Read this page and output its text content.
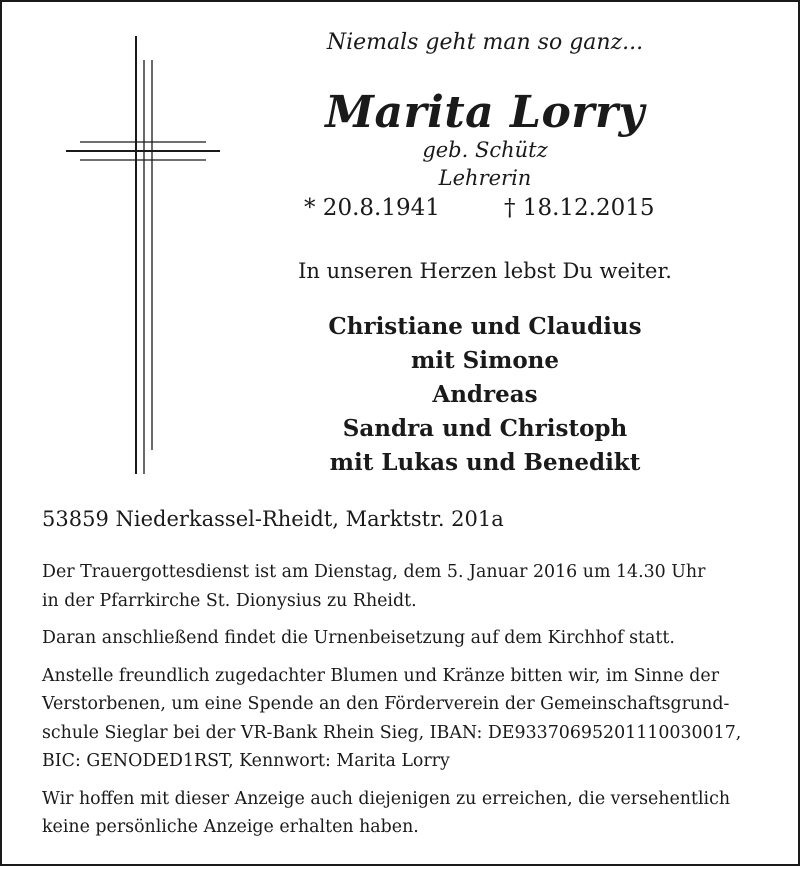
Niemals geht man so ganz...
Marita Lorry
geb. Schütz
Lehrerin
* 20.8.1941	† 18.12.2015
In unseren Herzen lebst Du weiter.
Christiane und Claudius
mit Simone
Andreas
Sandra und Christoph
mit Lukas und Benedikt
53859 Niederkassel-Rheidt, Marktstr. 201a

Der Trauergottesdienst ist am Dienstag, dem 5. Januar 2016 um 14.30 Uhr
in der Pfarrkirche St. Dionysius zu Rheidt.

Daran anschließend findet die Urnenbeisetzung auf dem Kirchhof statt.

Anstelle freundlich zugedachter Blumen und Kränze bitten wir, im Sinne der
Verstorbenen, um eine Spende an den Förderverein der Gemeinschaftsgrund-
schule Sieglar bei der VR-Bank Rhein Sieg, IBAN: DE93370695201110030017,
BIC: GENODED1RST, Kennwort: Marita Lorry

Wir hoffen mit dieser Anzeige auch diejenigen zu erreichen, die versehentlich
keine persönliche Anzeige erhalten haben.
